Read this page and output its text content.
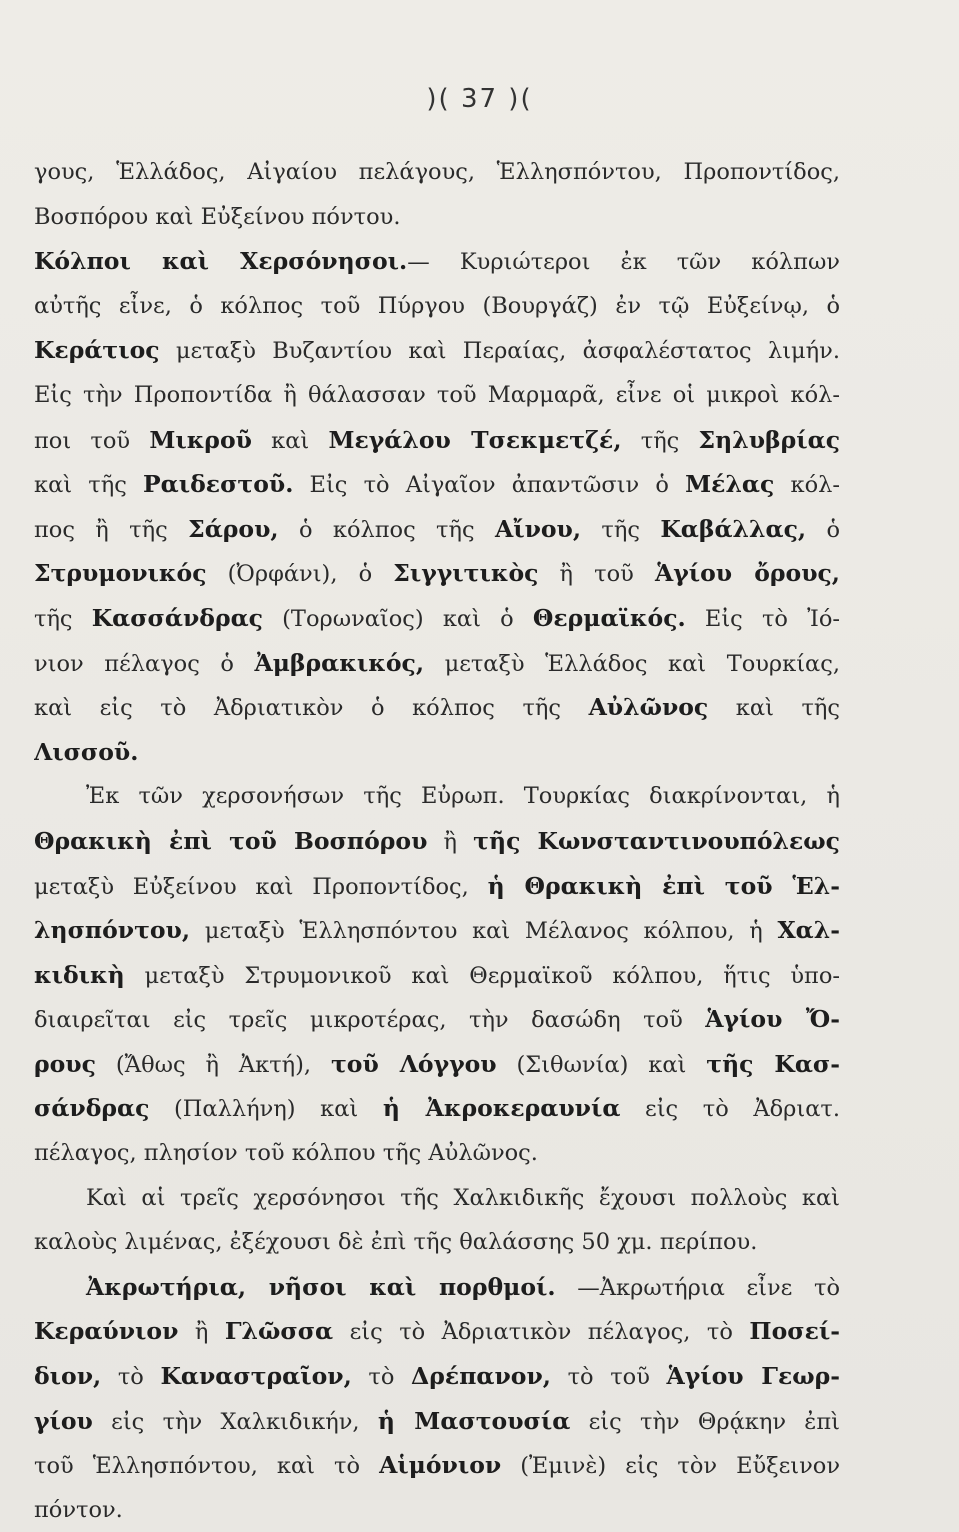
)( 37 )(
γους, Ἑλλάδος, Αἰγαίου πελάγους, Ἑλλησπόντου, Προποντίδος,
Βοσπόρου καὶ Εὐξείνου πόντου.
Κόλποι καὶ Χερσόνησοι.— Κυριώτεροι ἐκ τῶν κόλπων
αὐτῆς εἶνε, ὁ κόλπος τοῦ Πύργου (Βουργάζ) ἐν τῷ Εὐξείνῳ, ὁ
Κεράτιος μεταξὺ Βυζαντίου καὶ Περαίας, ἀσφαλέστατος λιμήν.
Εἰς τὴν Προποντίδα ἢ θάλασσαν τοῦ Μαρμαρᾶ, εἶνε οἱ μικροὶ κόλ-
ποι τοῦ Μικροῦ καὶ Μεγάλου Τσεκμετζέ, τῆς Σηλυβρίας
καὶ τῆς Ραιδεστοῦ. Εἰς τὸ Αἰγαῖον ἀπαντῶσιν ὁ Μέλας κόλ-
πος ἢ τῆς Σάρου, ὁ κόλπος τῆς Αἴνου, τῆς Καβάλλας, ὁ
Στρυμονικός (Ὀρφάνι), ὁ Σιγγιτικὸς ἢ τοῦ Ἁγίου ὄρους,
τῆς Κασσάνδρας (Τορωναῖος) καὶ ὁ Θερμαϊκός. Εἰς τὸ Ἰό-
νιον πέλαγος ὁ Ἀμβρακικός, μεταξὺ Ἑλλάδος καὶ Τουρκίας,
καὶ εἰς τὸ Ἀδριατικὸν ὁ κόλπος τῆς Αὐλῶνος καὶ τῆς
Λισσοῦ.
Ἐκ τῶν χερσονήσων τῆς Εὐρωπ. Τουρκίας διακρίνονται, ἡ
Θρακικὴ ἐπὶ τοῦ Βοσπόρου ἢ τῆς Κωνσταντινουπόλεως
μεταξὺ Εὐξείνου καὶ Προποντίδος, ἡ Θρακικὴ ἐπὶ τοῦ Ἑλ-
λησπόντου, μεταξὺ Ἑλλησπόντου καὶ Μέλανος κόλπου, ἡ Χαλ-
κιδικὴ μεταξὺ Στρυμονικοῦ καὶ Θερμαϊκοῦ κόλπου, ἥτις ὑπο-
διαιρεῖται εἰς τρεῖς μικροτέρας, τὴν δασώδη τοῦ Ἁγίου Ὄ-
ρους (Ἄθως ἢ Ἀκτή), τοῦ Λόγγου (Σιθωνία) καὶ τῆς Κασ-
σάνδρας (Παλλήνη) καὶ ἡ Ἀκροκεραυνία εἰς τὸ Ἀδριατ.
πέλαγος, πλησίον τοῦ κόλπου τῆς Αὐλῶνος.
Καὶ αἱ τρεῖς χερσόνησοι τῆς Χαλκιδικῆς ἔχουσι πολλοὺς καὶ
καλοὺς λιμένας, ἐξέχουσι δὲ ἐπὶ τῆς θαλάσσης 50 χμ. περίπου.
Ἀκρωτήρια, νῆσοι καὶ πορθμοί. —Ἀκρωτήρια εἶνε τὸ
Κεραύνιον ἢ Γλῶσσα εἰς τὸ Ἀδριατικὸν πέλαγος, τὸ Ποσεί-
διον, τὸ Καναστραῖον, τὸ Δρέπανον, τὸ τοῦ Ἁγίου Γεωρ-
γίου εἰς τὴν Χαλκιδικήν, ἡ Μαστουσία εἰς τὴν Θρᾴκην ἐπὶ
τοῦ Ἑλλησπόντου, καὶ τὸ Αἱμόνιον (Ἐμινὲ) εἰς τὸν Εὔξεινον
πόντον.
